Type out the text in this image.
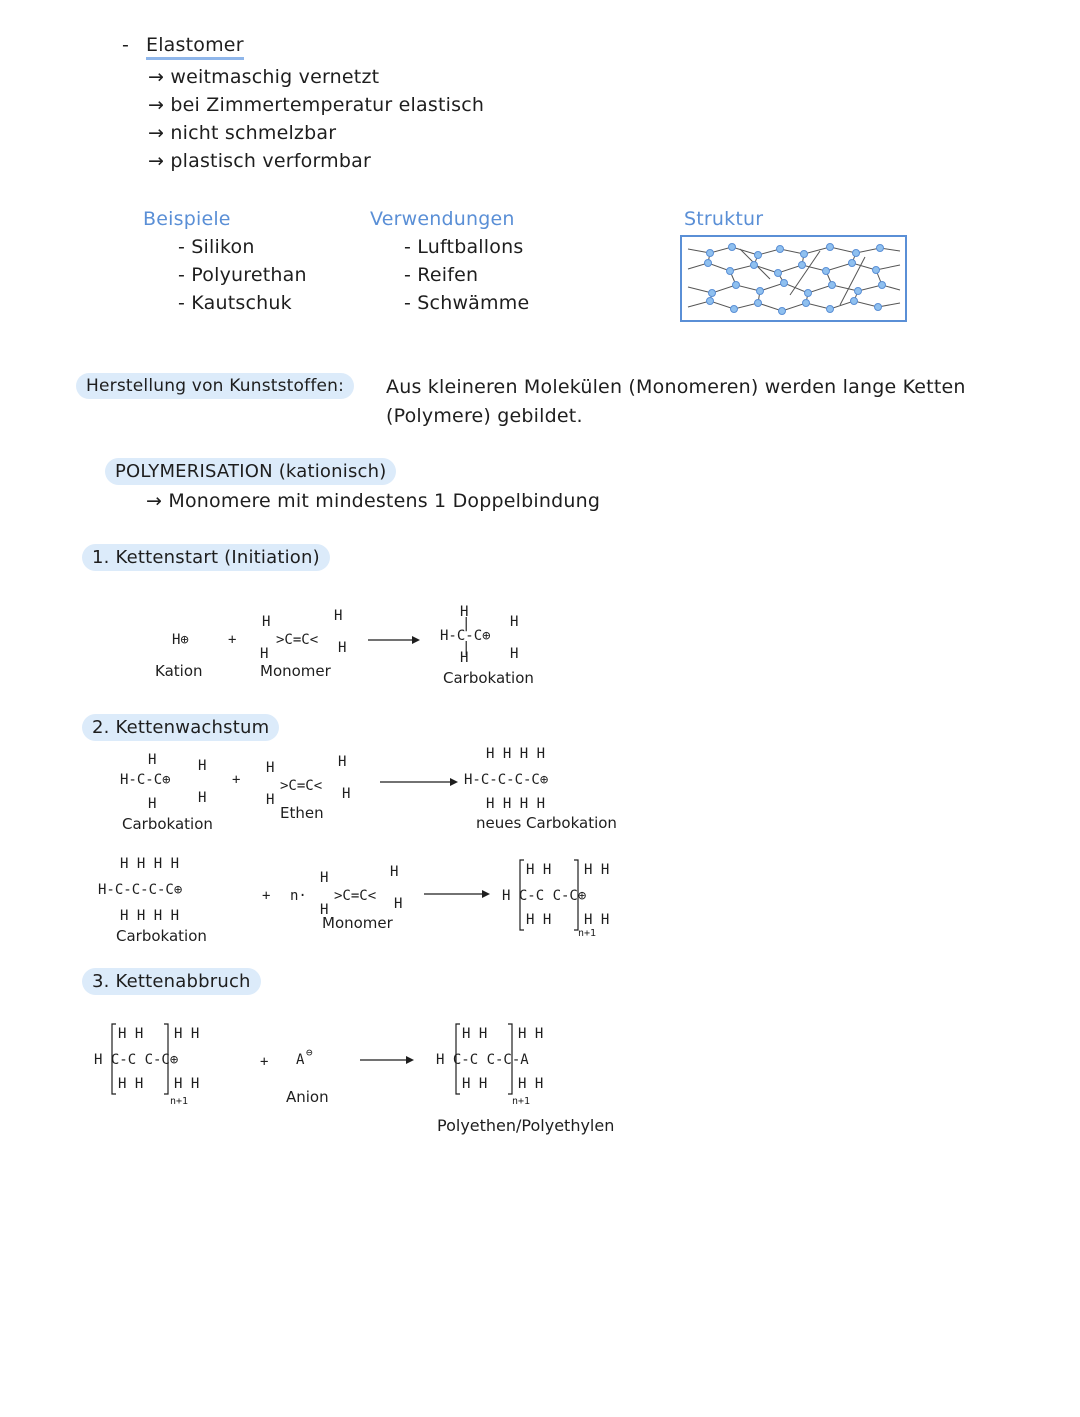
- Elastomer
→ weitmaschig vernetzt
→ bei Zimmertemperatur elastisch
→ nicht schmelzbar
→ plastisch verformbar
Beispiele
- Silikon
- Polyurethan
- Kautschuk
Verwendungen
- Luftballons
- Reifen
- Schwämme
Struktur
Herstellung von Kunststoffen:	Aus kleineren Molekülen (Monomeren) werden lange Ketten
(Polymere) gebildet.
POLYMERISATION (kationisch)
→ Monomere mit mindestens 1 Doppelbindung
1. Kettenstart (Initiation)
H⊕	+
H	H
>C=C<
H	H
H
|
H-C-C⊕
|
H
H
H
Kation	Monomer	Carbokation
2. Kettenwachstum
H
H-C-C⊕
H
H
H
+
H	H
>C=C<
H	H
H H H H
H-C-C-C-C⊕
H H H H
Carbokation
Ethen
neues Carbokation
H H H H
H-C-C-C-C⊕
H H H H
+ n·
H	H
>C=C<
H	H
H H
H C-C C-C⊕
H H
H H
H H
n+1
Carbokation
Monomer
3. Kettenabbruch
H H
H C-C C-C⊕
H H
H H
H H
n+1
+ A ⊖
H H
H C-C C-C-A
H H
H H
H H
n+1
Anion
Polyethen/Polyethylen
